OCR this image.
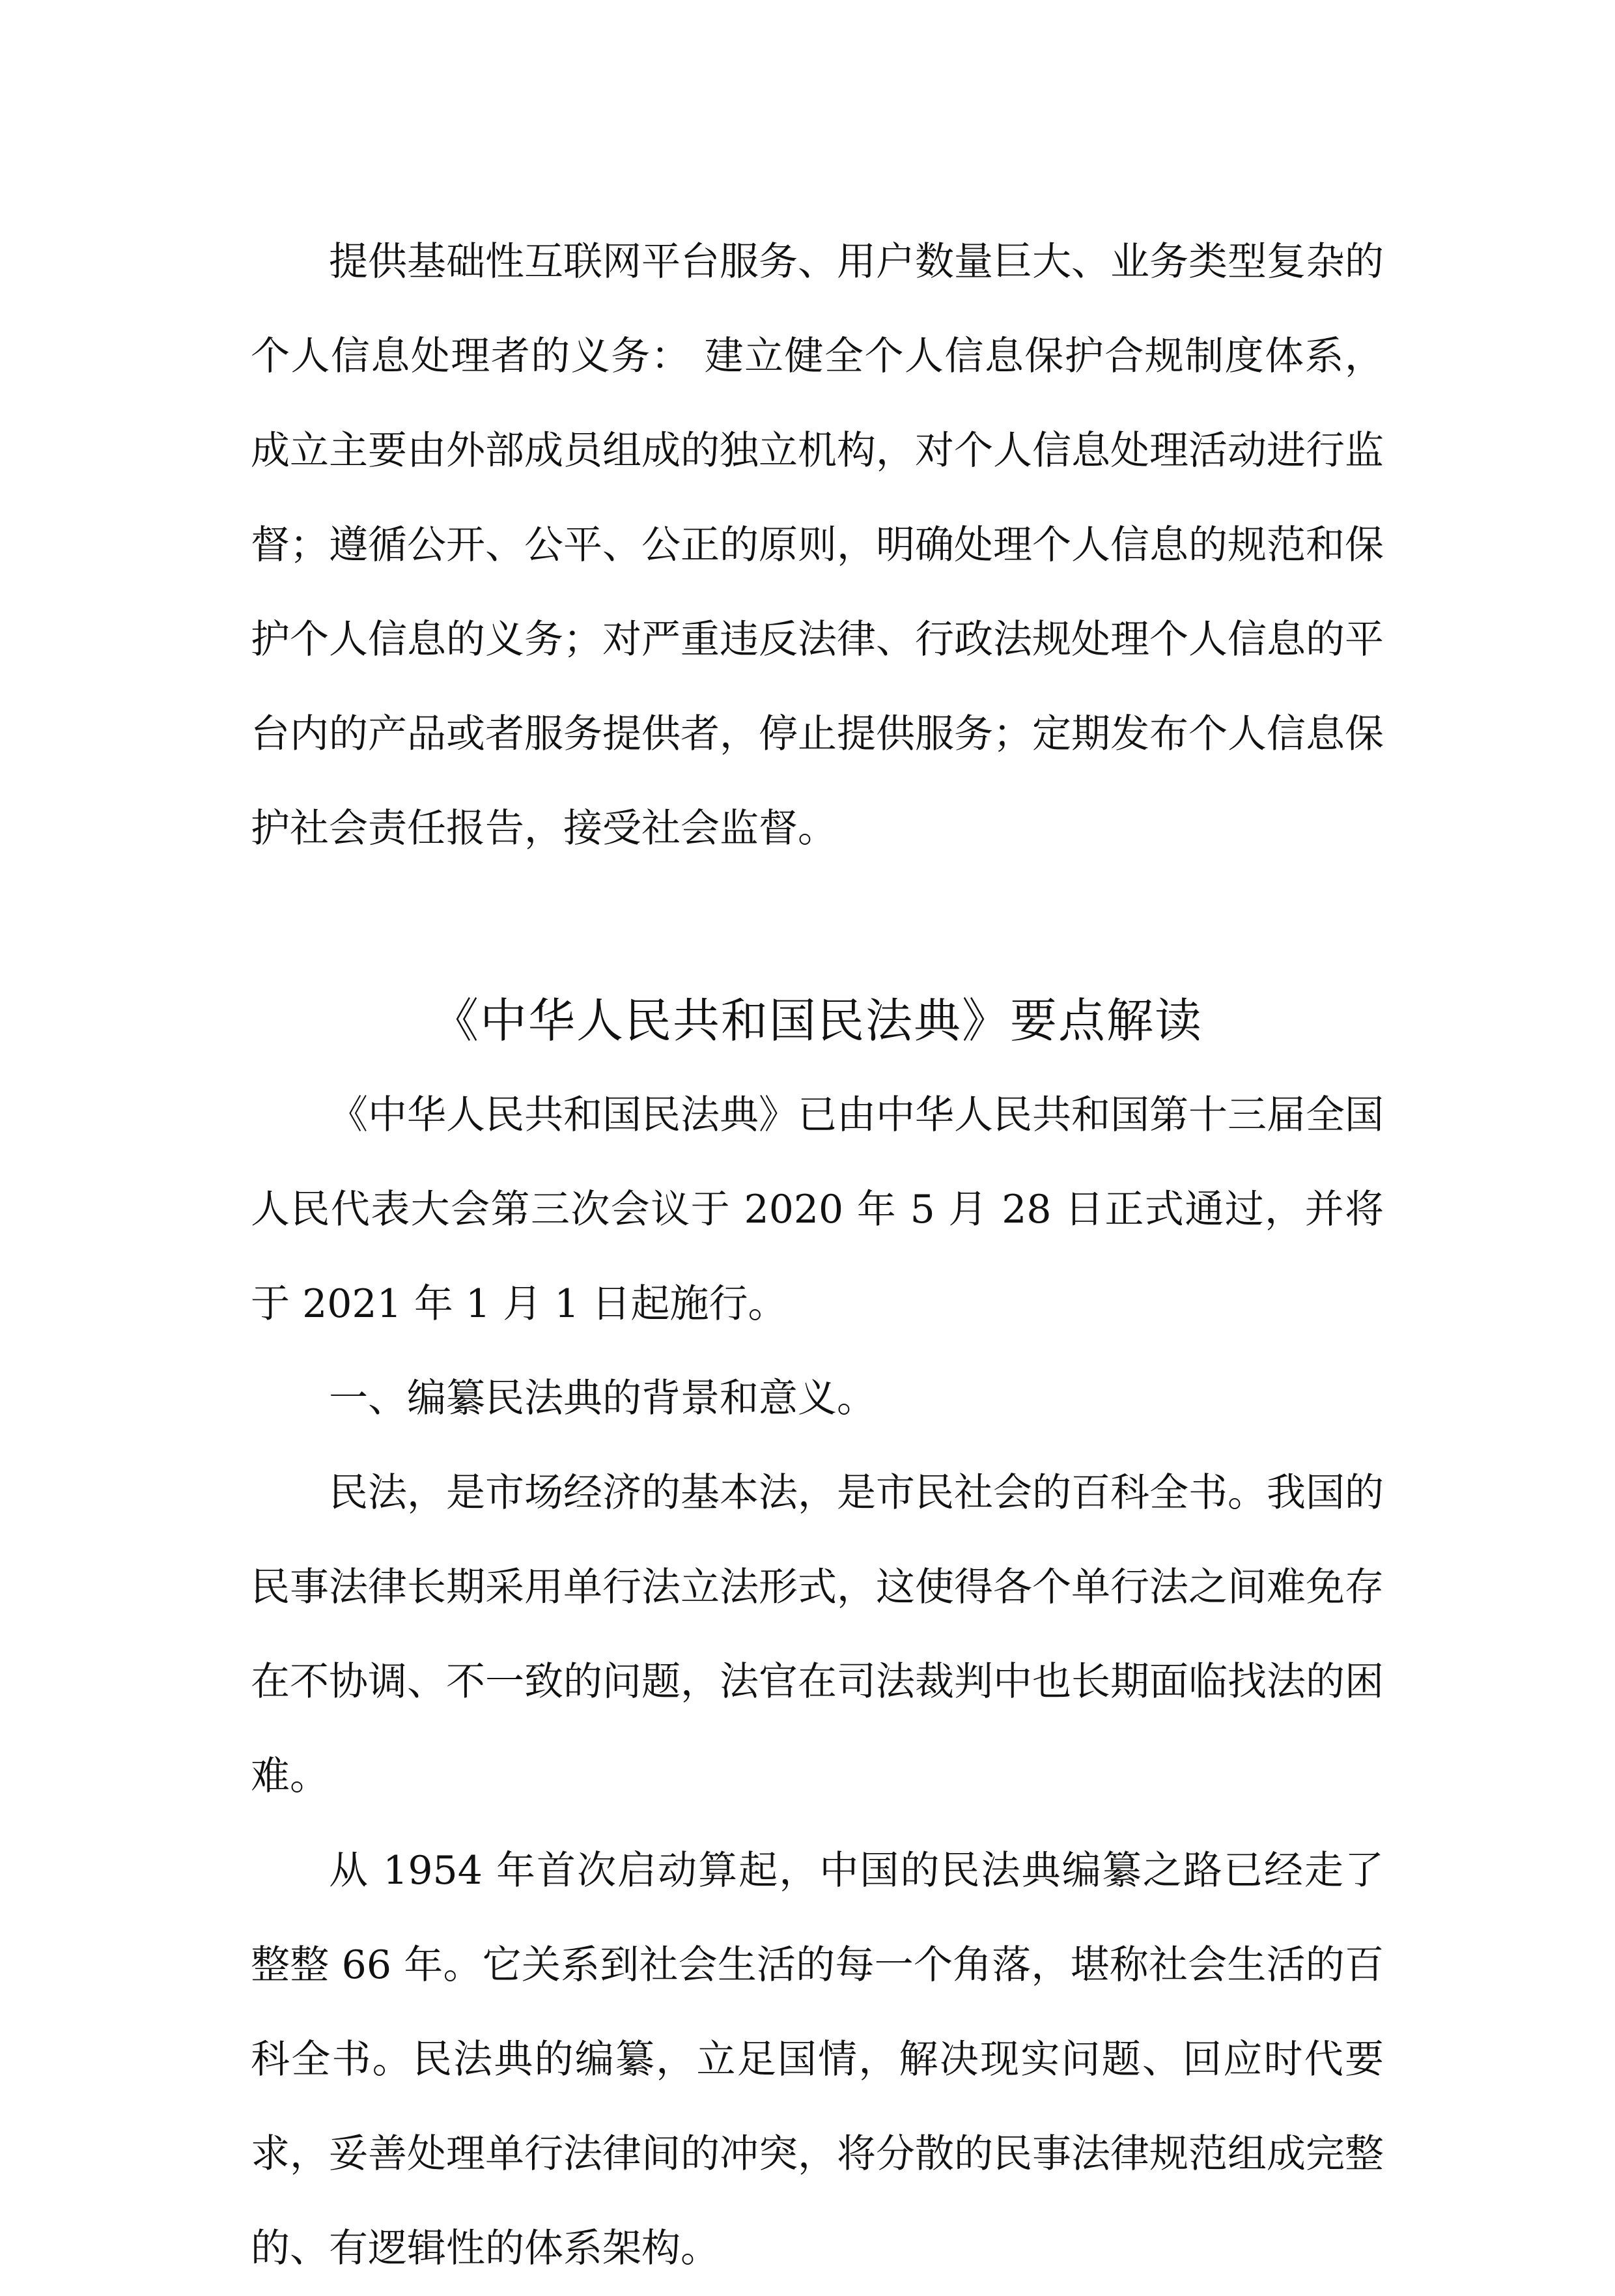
提供基础性互联网平台服务、用户数量巨大、业务类型复杂的个人信息处理者的义务： 建立健全个人信息保护合规制度体系，成立主要由外部成员组成的独立机构，对个人信息处理活动进行监督；遵循公开、公平、公正的原则，明确处理个人信息的规范和保护个人信息的义务；对严重违反法律、行政法规处理个人信息的平台内的产品或者服务提供者，停止提供服务；定期发布个人信息保护社会责任报告，接受社会监督。

《中华人民共和国民法典》要点解读

《中华人民共和国民法典》已由中华人民共和国第十三届全国人民代表大会第三次会议于 2020 年 5 月 28 日正式通过，并将于 2021 年 1 月 1 日起施行。

一、编纂民法典的背景和意义。

民法，是市场经济的基本法，是市民社会的百科全书。我国的民事法律长期采用单行法立法形式，这使得各个单行法之间难免存在不协调、不一致的问题，法官在司法裁判中也长期面临找法的困难。

从 1954 年首次启动算起，中国的民法典编纂之路已经走了整整 66 年。它关系到社会生活的每一个角落，堪称社会生活的百科全书。民法典的编纂，立足国情，解决现实问题、回应时代要求，妥善处理单行法律间的冲突，将分散的民事法律规范组成完整的、有逻辑性的体系架构。
